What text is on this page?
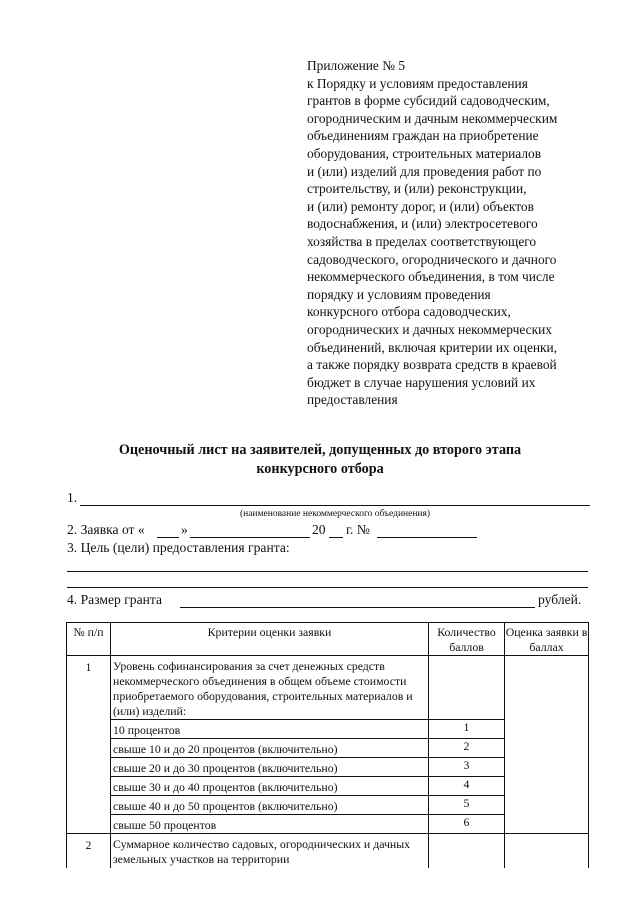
Приложение № 5
к Порядку и условиям предоставления
грантов в форме субсидий садоводческим,
огородническим и дачным некоммерческим
объединениям граждан на приобретение
оборудования, строительных материалов
и (или) изделий для проведения работ по
строительству, и (или) реконструкции,
и (или) ремонту дорог, и (или) объектов
водоснабжения, и (или) электросетевого
хозяйства в пределах соответствующего
садоводческого, огороднического и дачного
некоммерческого объединения, в том числе
порядку и условиям проведения
конкурсного отбора садоводческих,
огороднических и дачных некоммерческих
объединений, включая критерии их оценки,
а также порядку возврата средств в краевой
бюджет в случае нарушения условий их
предоставления
Оценочный лист на заявителей, допущенных до второго этапа
конкурсного отбора
1.
(наименование некоммерческого объединения)
2. Заявка от «	»	20 г. №
3. Цель (цели) предоставления гранта:
4. Размер гранта	рублей.
№ п/п	Критерии оценки заявки	Количество баллов	Оценка заявки в баллах
1	Уровень софинансирования за счет денежных средств некоммерческого объединения в общем объеме стоимости приобретаемого оборудования, строительных материалов и (или) изделий:		
	10 процентов	1	
	свыше 10 и до 20 процентов (включительно)	2	
	свыше 20 и до 30 процентов (включительно)	3	
	свыше 30 и до 40 процентов (включительно)	4	
	свыше 40 и до 50 процентов (включительно)	5	
	свыше 50 процентов	6	
2	Суммарное количество садовых, огороднических и дачных земельных участков на территории		
